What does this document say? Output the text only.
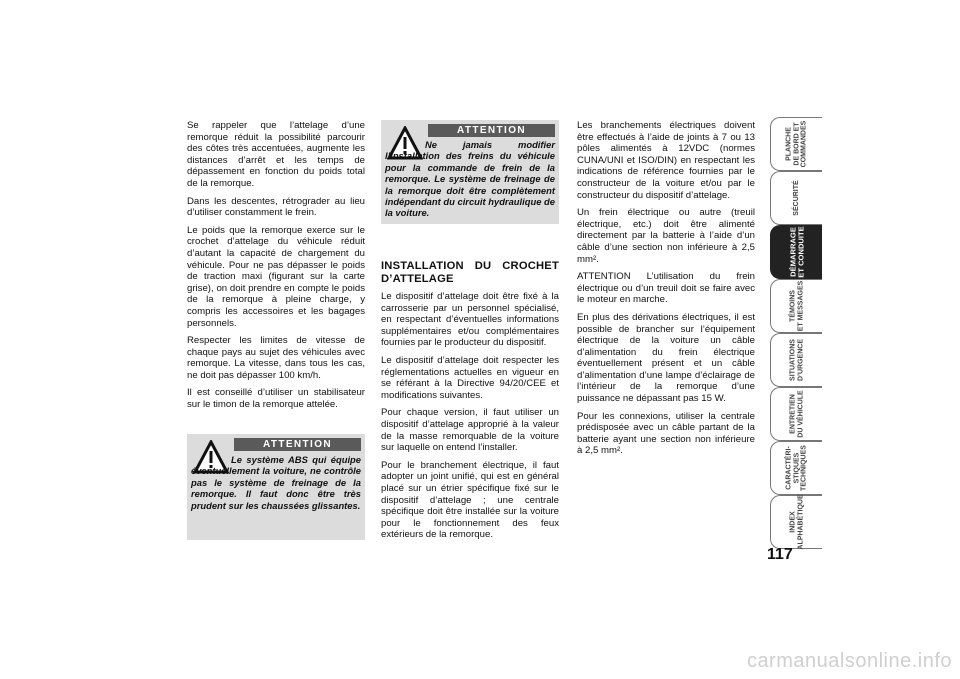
Se rappeler que l’attelage d’une remorque réduit la possibilité parcourir des côtes très accentuées, augmente les distances d’arrêt et les temps de dépassement en fonction du poids total de la remorque.

Dans les descentes, rétrograder au lieu d’utiliser constamment le frein.

Le poids que la remorque exerce sur le crochet d’attelage du véhicule réduit d’autant la capacité de chargement du véhicule. Pour ne pas dépasser le poids de traction maxi (figurant sur la carte grise), on doit prendre en compte le poids de la remorque à pleine charge, y compris les accessoires et les bagages personnels.

Respecter les limites de vitesse de chaque pays au sujet des véhicules avec remorque. La vitesse, dans tous les cas, ne doit pas dépasser 100 km/h.

Il est conseillé d’utiliser un stabilisateur sur le timon de la remorque attelée.

ATTENTION
Ne jamais modifier l’installation des freins du véhicule pour la commande de frein de la remorque. Le système de freinage de la remorque doit être complètement indépendant du circuit hydraulique de la voiture.
INSTALLATION DU CROCHET D’ATTELAGE

Le dispositif d’attelage doit être fixé à la carrosserie par un personnel spécialisé, en respectant d’éventuelles informations supplémentaires et/ou complémentaires fournies par le producteur du dispositif.

Le dispositif d’attelage doit respecter les réglementations actuelles en vigueur en se référant à la Directive 94/20/CEE et modifications suivantes.

Pour chaque version, il faut utiliser un dispositif d’attelage approprié à la valeur de la masse remorquable de la voiture sur laquelle on entend l’installer.

Pour le branchement électrique, il faut adopter un joint unifié, qui est en général placé sur un étrier spécifique fixé sur le dispositif d’attelage ; une centrale spécifique doit être installée sur la voiture pour le fonctionnement des feux extérieurs de la remorque.

ATTENTION
Le système ABS qui équipe éventuellement la voiture, ne contrôle pas le système de freinage de la remorque. Il faut donc être très prudent sur les chaussées glissantes.

Les branchements électriques doivent être effectués à l’aide de joints à 7 ou 13 pôles alimentés à 12VDC (normes CUNA/UNI et ISO/DIN) en respectant les indications de référence fournies par le constructeur de la voiture et/ou par le constructeur du dispositif d’attelage.

Un frein électrique ou autre (treuil électrique, etc.) doit être alimenté directement par la batterie à l’aide d’un câble d’une section non inférieure à 2,5 mm².

ATTENTION L’utilisation du frein électrique ou d’un treuil doit se faire avec le moteur en marche.

En plus des dérivations électriques, il est possible de brancher sur l’équipement électrique de la voiture un câble d’alimentation du frein électrique éventuellement présent et un câble d’alimentation d’une lampe d’éclairage de l’intérieur de la remorque d’une puissance ne dépassant pas 15 W.

Pour les connexions, utiliser la centrale prédisposée avec un câble partant de la batterie ayant une section non inférieure à 2,5 mm².

PLANCHE
DE BORD ET
COMMANDES
SÉCURITÉ
DÉMARRAGE
ET CONDUITE
TÉMOINS
ET MESSAGES
SITUATIONS
D’URGENCE
ENTRETIEN
DU VÉHICULE
CARACTÉRI-
STIQUES
TECHNIQUES
INDEX
ALPHABÉTIQUE
117
carmanualsonline.info
